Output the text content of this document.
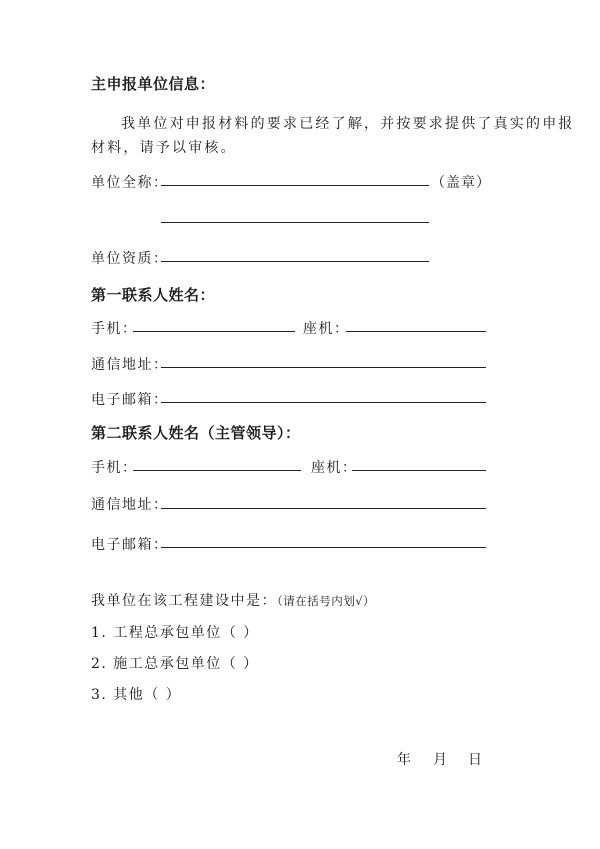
主申报单位信息：
我单位对申报材料的要求已经了解，并按要求提供了真实的申报
材料，请予以审核。
单位全称：	（盖章）
单位资质：
第一联系人姓名：
手机：	座机：
通信地址：
电子邮箱：
第二联系人姓名（主管领导）：
手机：	座机：
通信地址：
电子邮箱：
我单位在该工程建设中是：（请在括号内划√）
1. 工程总承包单位（ ）
2. 施工总承包单位（ ）
3. 其他（ ）
年 月 日
